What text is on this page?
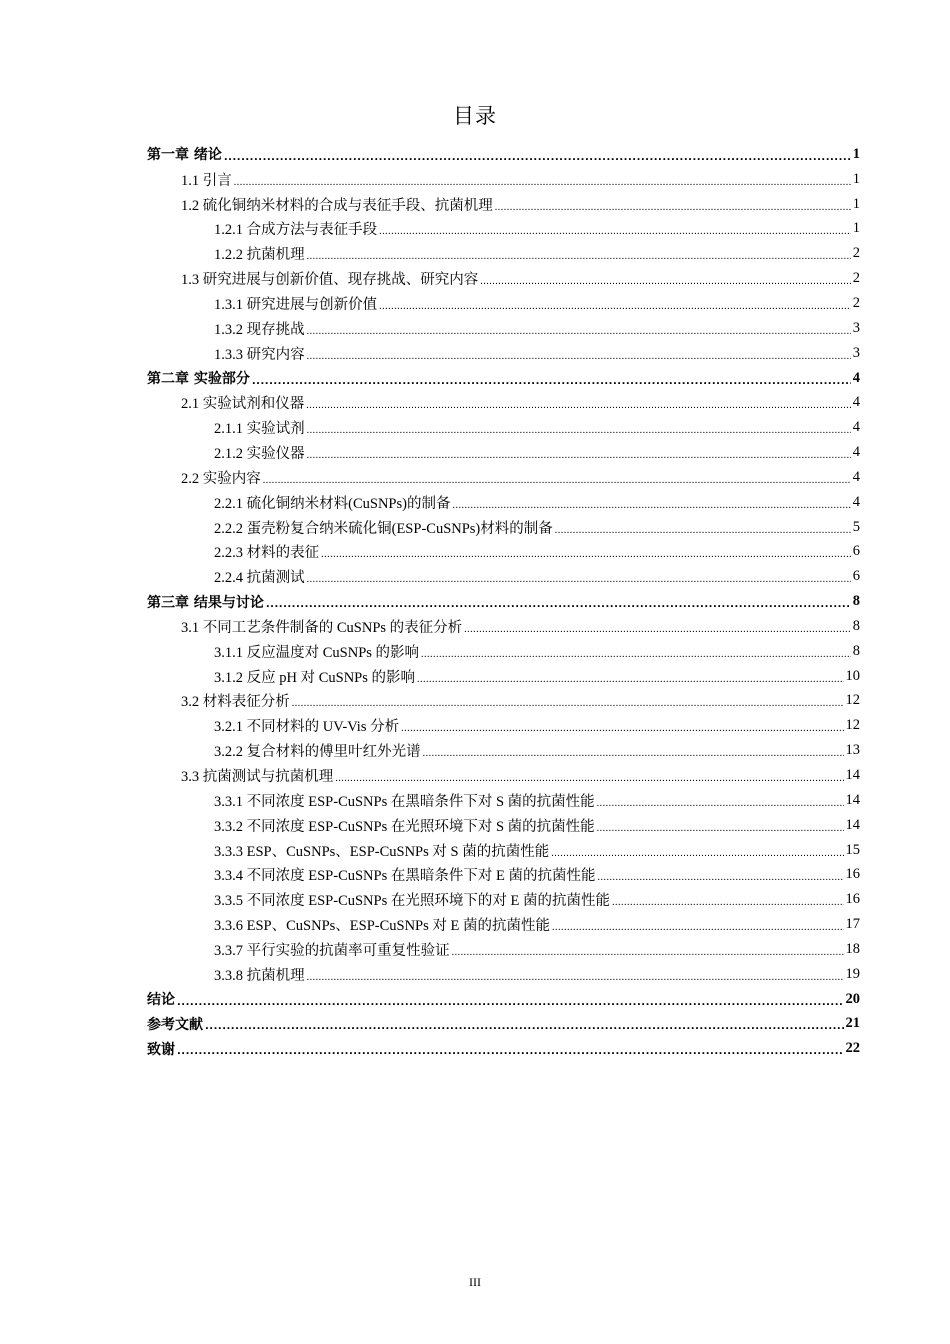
目录
第一章 绪论 .....	1
1.1 引言 .....	1
1.2 硫化铜纳米材料的合成与表征手段、抗菌机理 .....	1
1.2.1 合成方法与表征手段 .....	1
1.2.2 抗菌机理 .....	2
1.3 研究进展与创新价值、现存挑战、研究内容 .....	2
1.3.1 研究进展与创新价值 .....	2
1.3.2 现存挑战 .....	3
1.3.3 研究内容 .....	3
第二章 实验部分 .....	4
2.1 实验试剂和仪器 .....	4
2.1.1 实验试剂 .....	4
2.1.2 实验仪器 .....	4
2.2 实验内容 .....	4
2.2.1 硫化铜纳米材料(CuSNPs)的制备 .....	4
2.2.2 蛋壳粉复合纳米硫化铜(ESP-CuSNPs)材料的制备 .....	5
2.2.3 材料的表征 .....	6
2.2.4 抗菌测试 .....	6
第三章 结果与讨论 .....	8
3.1 不同工艺条件制备的 CuSNPs 的表征分析 .....	8
3.1.1 反应温度对 CuSNPs 的影响 .....	8
3.1.2 反应 pH 对 CuSNPs 的影响 .....	10
3.2 材料表征分析 .....	12
3.2.1 不同材料的 UV-Vis 分析 .....	12
3.2.2 复合材料的傅里叶红外光谱 .....	13
3.3 抗菌测试与抗菌机理 .....	14
3.3.1 不同浓度 ESP-CuSNPs 在黑暗条件下对 S 菌的抗菌性能 .....	14
3.3.2 不同浓度 ESP-CuSNPs 在光照环境下对 S 菌的抗菌性能 .....	14
3.3.3 ESP、CuSNPs、ESP-CuSNPs 对 S 菌的抗菌性能 .....	15
3.3.4 不同浓度 ESP-CuSNPs 在黑暗条件下对 E 菌的抗菌性能 .....	16
3.3.5 不同浓度 ESP-CuSNPs 在光照环境下的对 E 菌的抗菌性能 .....	16
3.3.6 ESP、CuSNPs、ESP-CuSNPs 对 E 菌的抗菌性能 .....	17
3.3.7 平行实验的抗菌率可重复性验证 .....	18
3.3.8 抗菌机理 .....	19
结论 .....	20
参考文献 .....	21
致谢 .....	22
III
